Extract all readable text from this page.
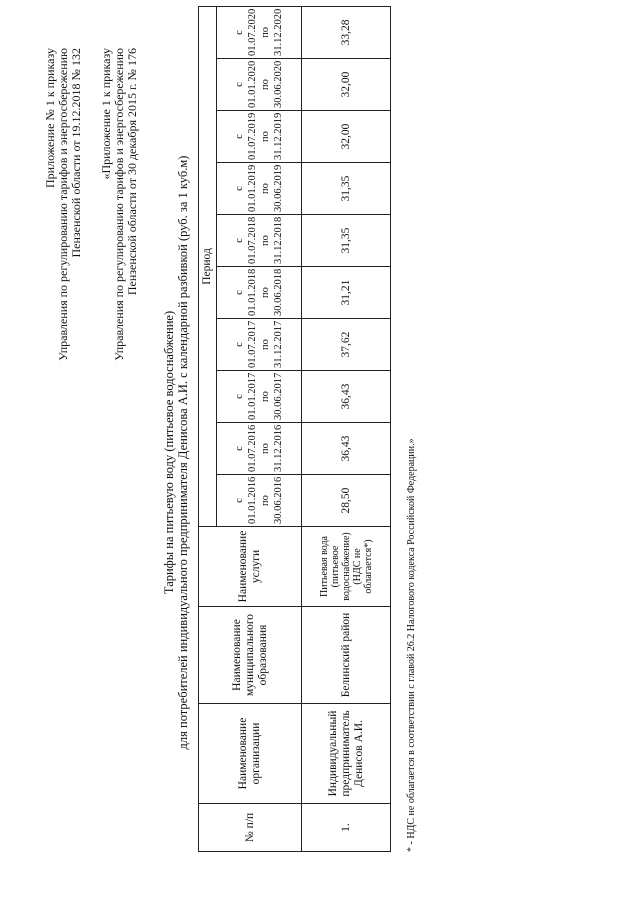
Приложение № 1 к приказу Управления по регулированию тарифов и энергосбережению Пензенской области от 19.12.2018 № 132 «Приложение 1 к приказу Управления по регулированию тарифов и энергосбережению Пензенской области от 30 декабря 2015 г. № 176
Тарифы на питьевую воду (питьевое водоснабжение) для потребителей индивидуального предпринимателя Денисова А.И. с календарной разбивкой (руб. за 1 куб.м)
№ п/п	Наименование организации	Наименование муниципального образования	Наименование услуги	Период									

				с 01.01.2016 по 30.06.2016	с 01.07.2016 по 31.12.2016	с 01.01.2017 по 30.06.2017	с 01.07.2017 по 31.12.2017	с 01.01.2018 по 30.06.2018	с 01.07.2018 по 31.12.2018	с 01.01.2019 по 30.06.2019	с 01.07.2019 по 31.12.2019	с 01.01.2020 по 30.06.2020	с 01.07.2020 по 31.12.2020

1.	Индивидуальный предприниматель Денисов А.И.	Белинский район	Питьевая вода (питьевое водоснабжение) (НДС не облагается*)	28,50	36,43	36,43	37,62	31,21	31,35	31,35	32,00	32,00	33,28
* - НДС не облагается в соответствии с главой 26.2 Налогового кодекса Российской Федерации.»
